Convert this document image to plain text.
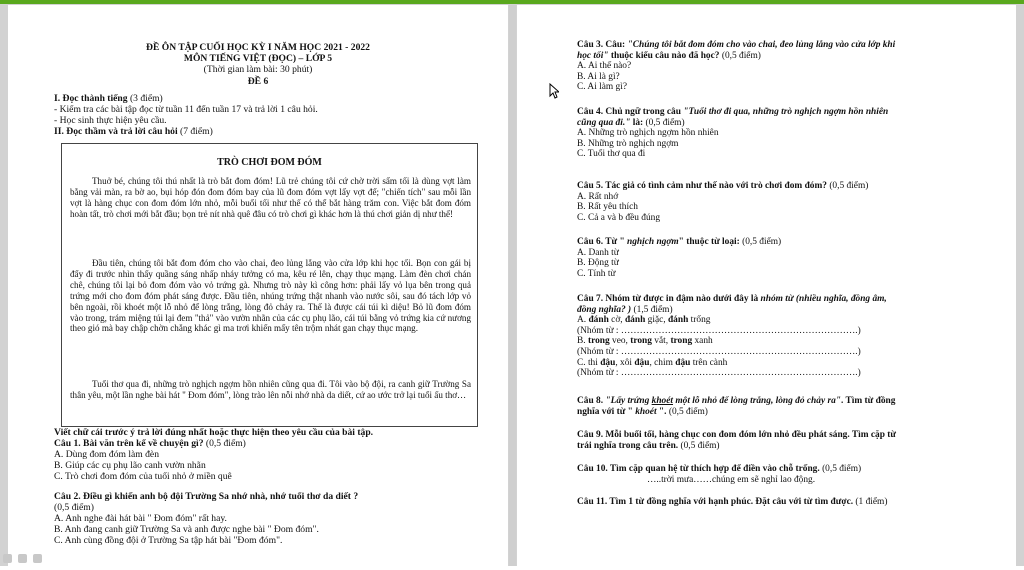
ĐỀ ÔN TẬP CUỐI HỌC KỲ I NĂM HỌC 2021 - 2022
MÔN TIẾNG VIỆT (ĐỌC) – LỚP 5
(Thời gian làm bài: 30 phút)
ĐỀ 6
I. Đọc thành tiếng (3 điểm)
- Kiểm tra các bài tập đọc từ tuần 11 đến tuần 17 và trả lời 1 câu hỏi.
- Học sinh thực hiện yêu cầu.
II. Đọc thầm và trả lời câu hỏi (7 điểm)
TRÒ CHƠI ĐOM ĐÓM
Thuở bé, chúng tôi thú nhất là trò bắt đom đóm! Lũ trẻ chúng tôi cứ chờ trời sẩm tối là dùng vợt làm bằng vải màn, ra bờ ao, bụi hóp đón đom đóm bay của lũ đom đóm vợt lấy vợt để; "chiến tích" sau mỗi lần vợt là hàng chục con đom đóm lớn nhỏ, mỗi buổi tối như thế có thể bắt hàng trăm con. Việc bắt đom đóm hoàn tất, trò chơi mới bắt đầu; bọn trẻ nít nhà quê đâu có trò chơi gì khác hơn là thú chơi giản dị như thế!
Đầu tiên, chúng tôi bắt đom đóm cho vào chai, đeo lủng lẳng vào cửa lớp khi học tối. Bọn con gái bị đẩy đi trước nhìn thấy quầng sáng nhấp nháy tưởng có ma, kêu ré lên, chạy thục mạng. Làm đèn chơi chán chê, chúng tôi lại bỏ đom đóm vào vỏ trứng gà. Nhưng trò này kì công hơn: phải lấy vỏ lụa bên trong quả trứng mới cho đom đóm phát sáng được. Đầu tiên, nhúng trứng thật nhanh vào nước sôi, sau đó tách lớp vỏ bên ngoài, rồi khoét một lỗ nhỏ để lòng trắng, lòng đỏ chảy ra. Thế là được cái túi kì diệu! Bỏ lũ đom đóm vào trong, trám miệng túi lại đem "thả" vào vườn nhãn của các cụ phụ lão, cái túi bằng vỏ trứng kia cứ nương theo gió mà bay chập chờn chẳng khác gì ma trơi khiến mấy tên trộm nhát gan chạy thục mạng.
Tuổi thơ qua đi, những trò nghịch ngợm hồn nhiên cũng qua đi. Tôi vào bộ đội, ra canh giữ Trường Sa thân yêu, một lần nghe bài hát " Đom đóm", lòng trào lên nỗi nhớ nhà da diết, cứ ao ước trở lại tuổi ấu thơ…
Viết chữ cái trước ý trả lời đúng nhất hoặc thực hiện theo yêu cầu của bài tập.
Câu 1. Bài văn trên kể về chuyện gì? (0,5 điểm)
A. Dùng đom đóm làm đèn
B. Giúp các cụ phụ lão canh vườn nhãn
C. Trò chơi đom đóm của tuổi nhỏ ở miền quê
Câu 2. Điều gì khiến anh bộ đội Trường Sa nhớ nhà, nhớ tuổi thơ da diết ?
(0,5 điểm)
A. Anh nghe đài hát bài " Đom đóm" rất hay.
B. Anh đang canh giữ Trường Sa và anh được nghe bài " Đom đóm".
C. Anh cùng đồng đội ở Trường Sa tập hát bài "Đom đóm".
Câu 3. Câu: "Chúng tôi bắt đom đóm cho vào chai, đeo lủng lẳng vào cửa lớp khi
học tối" thuộc kiểu câu nào đã học? (0,5 điểm)
A. Ai thế nào?
B. Ai là gì?
C. Ai làm gì?
Câu 4. Chủ ngữ trong câu "Tuổi thơ đi qua, những trò nghịch ngợm hồn nhiên
cũng qua đi." là: (0,5 điểm)
A. Những trò nghịch ngợm hồn nhiên
B. Những trò nghịch ngợm
C. Tuổi thơ qua đi
Câu 5. Tác giả có tình cảm như thế nào với trò chơi đom đóm? (0,5 điểm)
A. Rất nhớ
B. Rất yêu thích
C. Cả a và b đều đúng
Câu 6. Từ " nghịch ngợm" thuộc từ loại: (0,5 điểm)
A. Danh từ
B. Động từ
C. Tính từ
Câu 7. Nhóm từ được in đậm nào dưới đây là nhóm từ (nhiều nghĩa, đồng âm,
đồng nghĩa? ) (1,5 điểm)
A. đánh cờ, đánh giặc, đánh trống
(Nhóm từ : ………………………………………………………………….)
B. trong veo, trong vắt, trong xanh
(Nhóm từ : ………………………………………………………………….)
C. thi đậu, xôi đậu, chim đậu trên cành
(Nhóm từ : ………………………………………………………………….)
Câu 8. "Lấy trứng khoét một lỗ nhỏ để lòng trắng, lòng đỏ chảy ra". Tìm từ đồng
nghĩa với từ " khoét ". (0,5 điểm)
Câu 9. Mỗi buổi tối, hàng chục con đom đóm lớn nhỏ đều phát sáng. Tìm cặp từ
trái nghĩa trong câu trên. (0,5 điểm)
Câu 10. Tìm cặp quan hệ từ thích hợp để điền vào chỗ trống. (0,5 điểm)
…..trời mưa……chúng em sẽ nghỉ lao động.
Câu 11. Tìm 1 từ đồng nghĩa với hạnh phúc. Đặt câu với từ tìm được. (1 điểm)
